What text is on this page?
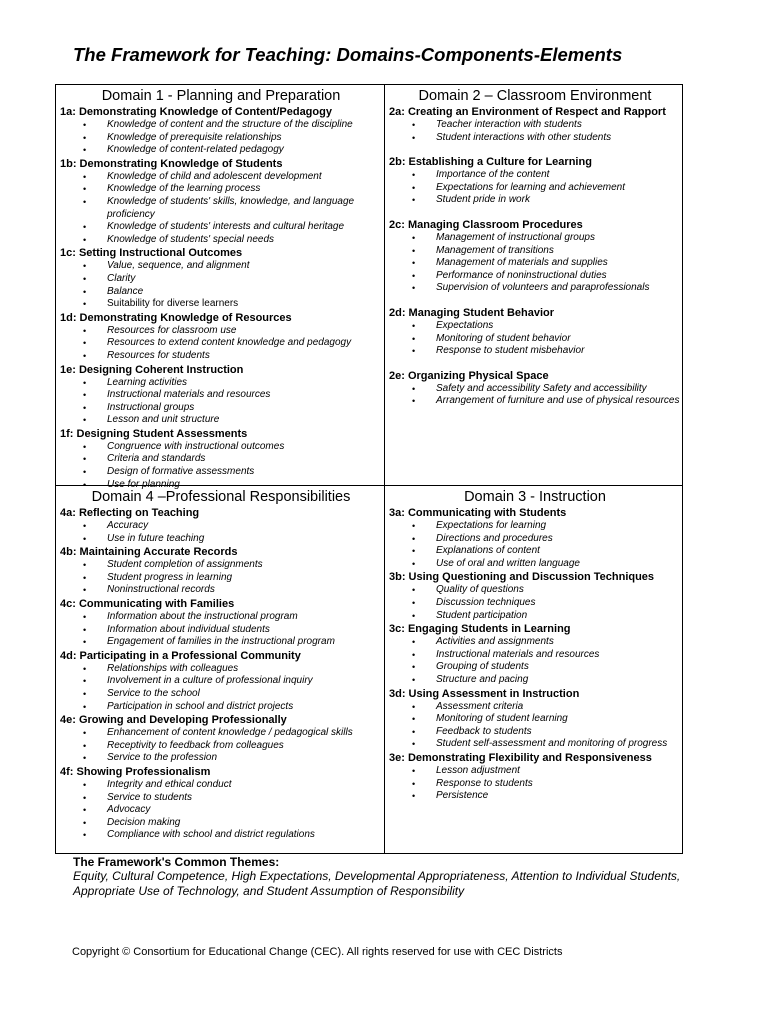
The Framework for Teaching: Domains-Components-Elements
Domain 1 - Planning and Preparation
1a: Demonstrating Knowledge of Content/Pedagogy
• Knowledge of content and the structure of the discipline
• Knowledge of prerequisite relationships
• Knowledge of content-related pedagogy
1b: Demonstrating Knowledge of Students
• Knowledge of child and adolescent development
• Knowledge of the learning process
• Knowledge of students' skills, knowledge, and language proficiency
• Knowledge of students' interests and cultural heritage
• Knowledge of students' special needs
1c: Setting Instructional Outcomes
• Value, sequence, and alignment
• Clarity
• Balance
• Suitability for diverse learners
1d: Demonstrating Knowledge of Resources
• Resources for classroom use
• Resources to extend content knowledge and pedagogy
• Resources for students
1e: Designing Coherent Instruction
• Learning activities
• Instructional materials and resources
• Instructional groups
• Lesson and unit structure
1f: Designing Student Assessments
• Congruence with instructional outcomes
• Criteria and standards
• Design of formative assessments
• Use for planning
Domain 2 – Classroom Environment
2a: Creating an Environment of Respect and Rapport
• Teacher interaction with students
• Student interactions with other students
2b: Establishing a Culture for Learning
• Importance of the content
• Expectations for learning and achievement
• Student pride in work
2c: Managing Classroom Procedures
• Management of instructional groups
• Management of transitions
• Management of materials and supplies
• Performance of noninstructional duties
• Supervision of volunteers and paraprofessionals
2d: Managing Student Behavior
• Expectations
• Monitoring of student behavior
• Response to student misbehavior
2e: Organizing Physical Space
• Safety and accessibility Safety and accessibility
• Arrangement of furniture and use of physical resources
Domain 4 –Professional Responsibilities
4a: Reflecting on Teaching
• Accuracy
• Use in future teaching
4b: Maintaining Accurate Records
• Student completion of assignments
• Student progress in learning
• Noninstructional records
4c: Communicating with Families
• Information about the instructional program
• Information about individual students
• Engagement of families in the instructional program
4d: Participating in a Professional Community
• Relationships with colleagues
• Involvement in a culture of professional inquiry
• Service to the school
• Participation in school and district projects
4e: Growing and Developing Professionally
• Enhancement of content knowledge / pedagogical skills
• Receptivity to feedback from colleagues
• Service to the profession
4f: Showing Professionalism
• Integrity and ethical conduct
• Service to students
• Advocacy
• Decision making
• Compliance with school and district regulations
Domain 3 - Instruction
3a: Communicating with Students
• Expectations for learning
• Directions and procedures
• Explanations of content
• Use of oral and written language
3b: Using Questioning and Discussion Techniques
• Quality of questions
• Discussion techniques
• Student participation
3c: Engaging Students in Learning
• Activities and assignments
• Instructional materials and resources
• Grouping of students
• Structure and pacing
3d: Using Assessment in Instruction
• Assessment criteria
• Monitoring of student learning
• Feedback to students
• Student self-assessment and monitoring of progress
3e: Demonstrating Flexibility and Responsiveness
• Lesson adjustment
• Response to students
• Persistence
The Framework's Common Themes:
Equity, Cultural Competence, High Expectations, Developmental Appropriateness, Attention to Individual Students, Appropriate Use of Technology, and Student Assumption of Responsibility
Copyright © Consortium for Educational Change (CEC). All rights reserved for use with CEC Districts
